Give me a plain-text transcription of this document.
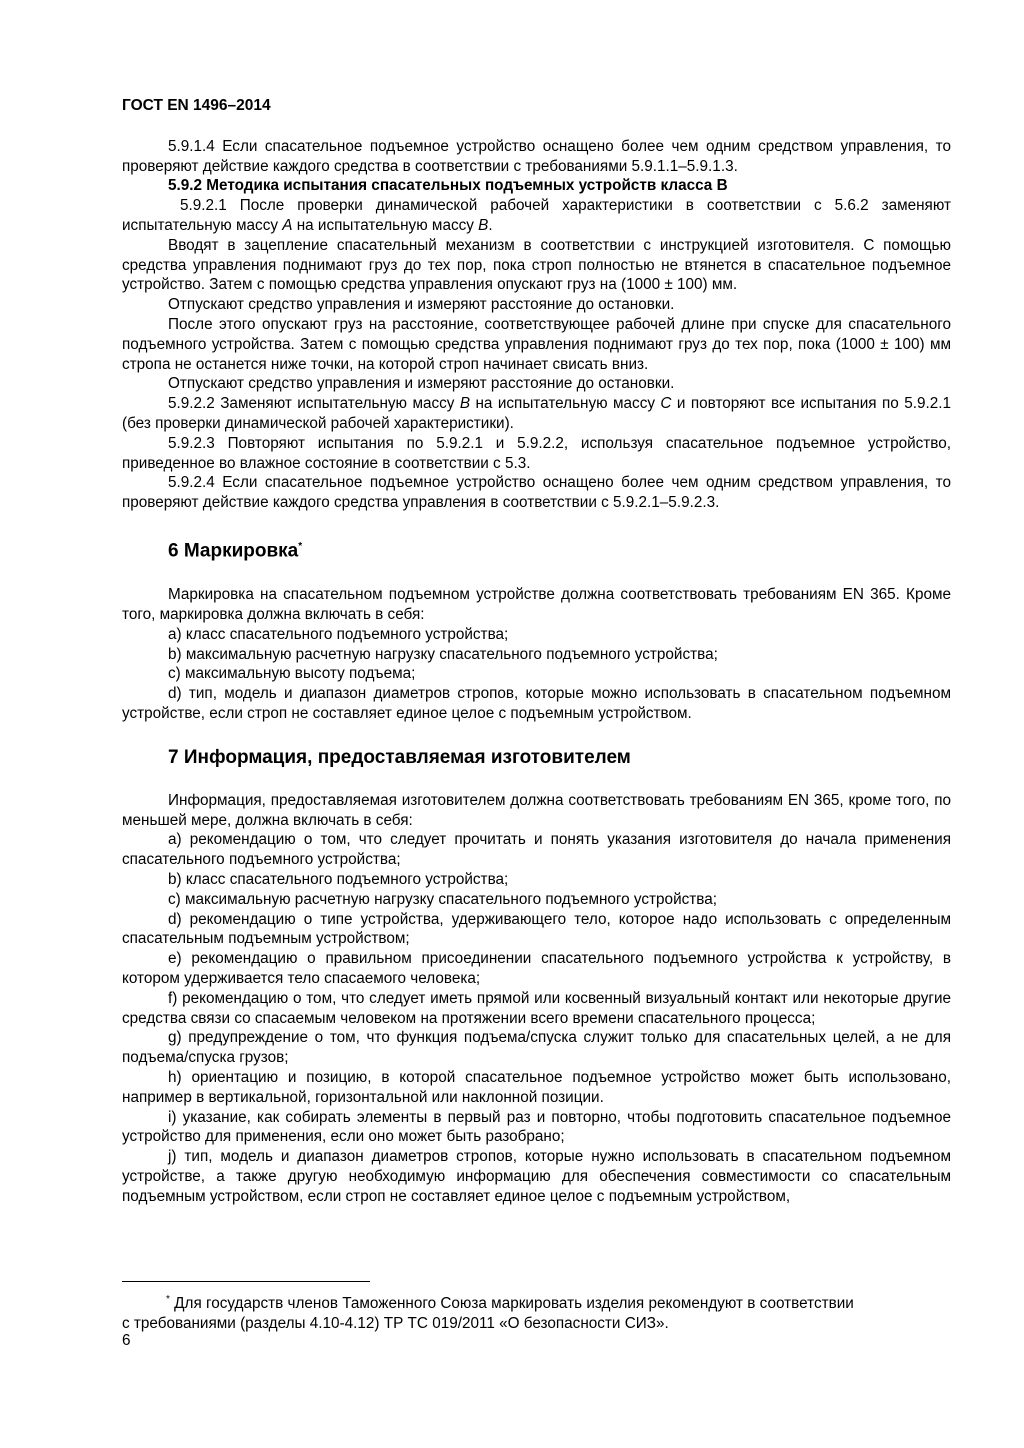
ГОСТ EN 1496–2014

5.9.1.4 Если спасательное подъемное устройство оснащено более чем одним средством управления, то проверяют действие каждого средства в соответствии с требованиями 5.9.1.1–5.9.1.3.

5.9.2 Методика испытания спасательных подъемных устройств класса В

5.9.2.1 После проверки динамической рабочей характеристики в соответствии с 5.6.2 заменяют испытательную массу А на испытательную массу В.

Вводят в зацепление спасательный механизм в соответствии с инструкцией изготовителя. С помощью средства управления поднимают груз до тех пор, пока строп полностью не втянется в спасательное подъемное устройство. Затем с помощью средства управления опускают груз на (1000 ± 100) мм.

Отпускают средство управления и измеряют расстояние до остановки.

После этого опускают груз на расстояние, соответствующее рабочей длине при спуске для спасательного подъемного устройства. Затем с помощью средства управления поднимают груз до тех пор, пока (1000 ± 100) мм стропа не останется ниже точки, на которой строп начинает свисать вниз.

Отпускают средство управления и измеряют расстояние до остановки.

5.9.2.2 Заменяют испытательную массу В на испытательную массу С и повторяют все испытания по 5.9.2.1 (без проверки динамической рабочей характеристики).

5.9.2.3 Повторяют испытания по 5.9.2.1 и 5.9.2.2, используя спасательное подъемное устройство, приведенное во влажное состояние в соответствии с 5.3.

5.9.2.4 Если спасательное подъемное устройство оснащено более чем одним средством управления, то проверяют действие каждого средства управления в соответствии с 5.9.2.1–5.9.2.3.

6 Маркировка*

Маркировка на спасательном подъемном устройстве должна соответствовать требованиям EN 365. Кроме того, маркировка должна включать в себя:

а) класс спасательного подъемного устройства;

b) максимальную расчетную нагрузку спасательного подъемного устройства;

c) максимальную высоту подъема;

d) тип, модель и диапазон диаметров стропов, которые можно использовать в спасательном подъемном устройстве, если строп не составляет единое целое с подъемным устройством.

7 Информация, предоставляемая изготовителем

Информация, предоставляемая изготовителем должна соответствовать требованиям EN 365, кроме того, по меньшей мере, должна включать в себя:

а) рекомендацию о том, что следует прочитать и понять указания изготовителя до начала применения спасательного подъемного устройства;

b) класс спасательного подъемного устройства;

c) максимальную расчетную нагрузку спасательного подъемного устройства;

d) рекомендацию о типе устройства, удерживающего тело, которое надо использовать с определенным спасательным подъемным устройством;

e) рекомендацию о правильном присоединении спасательного подъемного устройства к устройству, в котором удерживается тело спасаемого человека;

f) рекомендацию о том, что следует иметь прямой или косвенный визуальный контакт или некоторые другие средства связи со спасаемым человеком на протяжении всего времени спасательного процесса;

g) предупреждение о том, что функция подъема/спуска служит только для спасательных целей, а не для подъема/спуска грузов;

h) ориентацию и позицию, в которой спасательное подъемное устройство может быть использовано, например в вертикальной, горизонтальной или наклонной позиции.

i) указание, как собирать элементы в первый раз и повторно, чтобы подготовить спасательное подъемное устройство для применения, если оно может быть разобрано;

j) тип, модель и диапазон диаметров стропов, которые нужно использовать в спасательном подъемном устройстве, а также другую необходимую информацию для обеспечения совместимости со спасательным подъемным устройством, если строп не составляет единое целое с подъемным устройством,

* Для государств членов Таможенного Союза маркировать изделия рекомендуют в соответствии
с требованиями (разделы 4.10-4.12) ТР ТС 019/2011 «О безопасности СИЗ».
6
